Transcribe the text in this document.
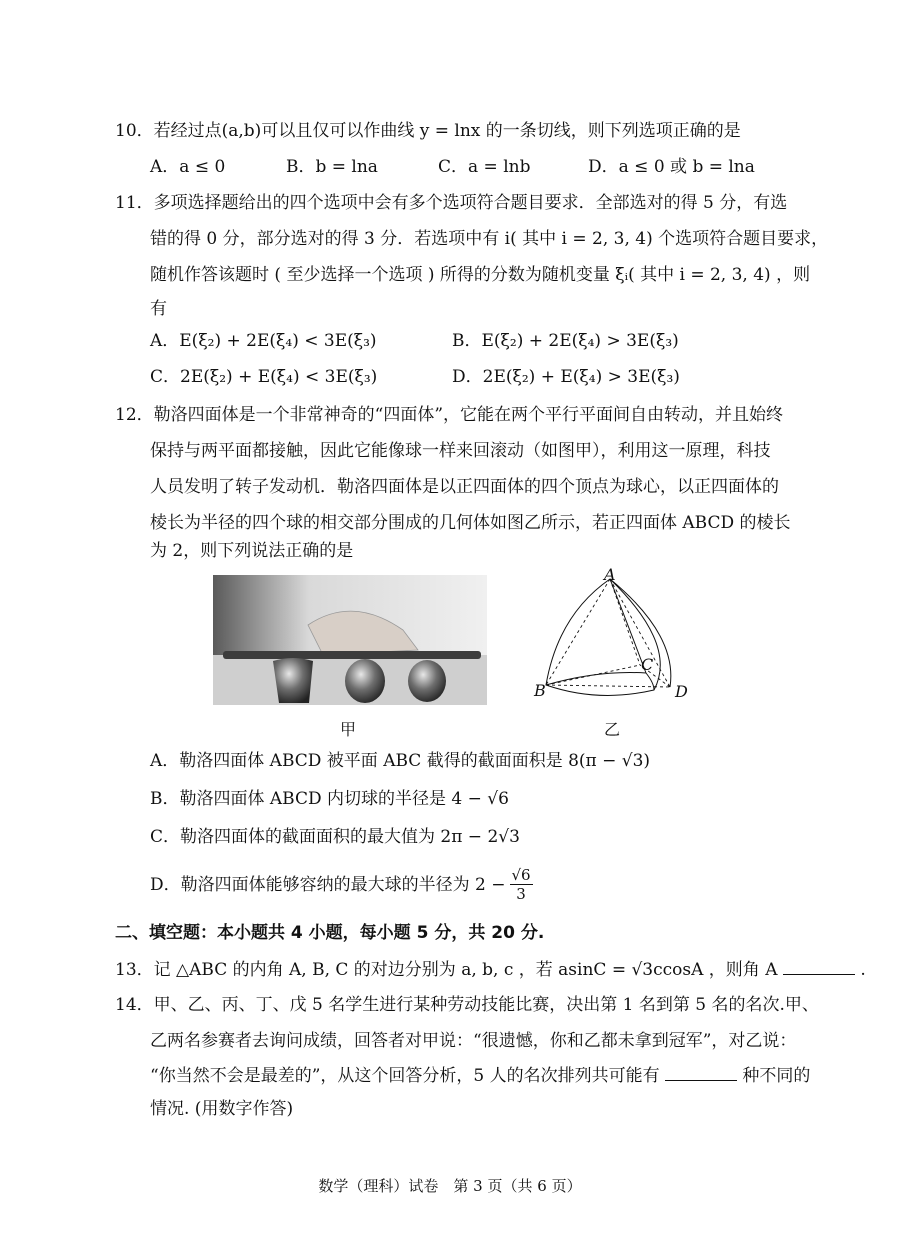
10．若经过点(a,b)可以且仅可以作曲线 y = lnx 的一条切线，则下列选项正确的是
A．a ≤ 0	B．b = lna	C．a = lnb	D．a ≤ 0 或 b = lna
11．多项选择题给出的四个选项中会有多个选项符合题目要求．全部选对的得 5 分，有选
错的得 0 分，部分选对的得 3 分．若选项中有 i( 其中 i = 2, 3, 4) 个选项符合题目要求，
随机作答该题时 ( 至少选择一个选项 ) 所得的分数为随机变量 ξᵢ( 其中 i = 2, 3, 4) ，则
有
A．E(ξ₂) + 2E(ξ₄) < 3E(ξ₃)	B．E(ξ₂) + 2E(ξ₄) > 3E(ξ₃)
C．2E(ξ₂) + E(ξ₄) < 3E(ξ₃)	D．2E(ξ₂) + E(ξ₄) > 3E(ξ₃)
12．勒洛四面体是一个非常神奇的“四面体”，它能在两个平行平面间自由转动，并且始终
保持与两平面都接触，因此它能像球一样来回滚动（如图甲），利用这一原理，科技
人员发明了转子发动机．勒洛四面体是以正四面体的四个顶点为球心，以正四面体的
棱长为半径的四个球的相交部分围成的几何体如图乙所示，若正四面体 ABCD 的棱长
为 2，则下列说法正确的是
甲
A
B
C
D
乙
A．勒洛四面体 ABCD 被平面 ABC 截得的截面面积是 8(π − √3)
B．勒洛四面体 ABCD 内切球的半径是 4 − √6
C．勒洛四面体的截面面积的最大值为 2π − 2√3
D．勒洛四面体能够容纳的最大球的半径为 $2 - \frac{√6}{3}$
二、填空题：本小题共 4 小题，每小题 5 分，共 20 分.
13．记 △ABC 的内角 A, B, C 的对边分别为 a, b, c ，若 asinC = √3ccosA ，则角 A	.
14．甲、乙、丙、丁、戊 5 名学生进行某种劳动技能比赛，决出第 1 名到第 5 名的名次.甲、
乙两名参赛者去询问成绩，回答者对甲说：“很遗憾，你和乙都未拿到冠军”，对乙说：
“你当然不会是最差的”，从这个回答分析，5 人的名次排列共可能有	种不同的
情况. (用数字作答)
数学（理科）试卷　第 3 页（共 6 页）
